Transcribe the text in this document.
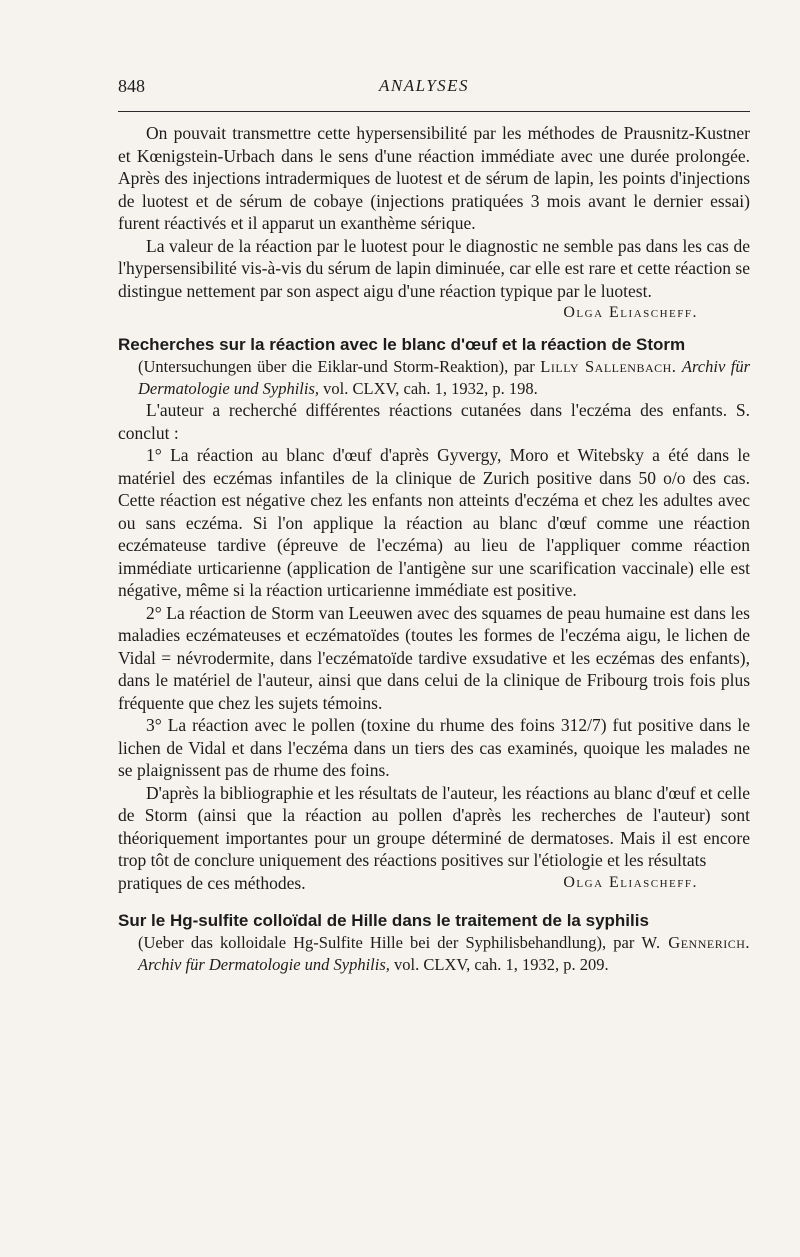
848	ANALYSES

On pouvait transmettre cette hypersensibilité par les méthodes de Prausnitz-Kustner et Kœnigstein-Urbach dans le sens d'une réaction immédiate avec une durée prolongée. Après des injections intradermiques de luotest et de sérum de lapin, les points d'injections de luotest et de sérum de cobaye (injections pratiquées 3 mois avant le dernier essai) furent réactivés et il apparut un exanthème sérique.

La valeur de la réaction par le luotest pour le diagnostic ne semble pas dans les cas de l'hypersensibilité vis-à-vis du sérum de lapin diminuée, car elle est rare et cette réaction se distingue nettement par son aspect aigu d'une réaction typique par le luotest.

Olga Eliascheff.
Recherches sur la réaction avec le blanc d'œuf et la réaction de Storm
(Untersuchungen über die Eiklar-und Storm-Reaktion), par Lilly Sallenbach. Archiv für Dermatologie und Syphilis, vol. CLXV, cah. 1, 1932, p. 198.

L'auteur a recherché différentes réactions cutanées dans l'eczéma des enfants. S. conclut :

1° La réaction au blanc d'œuf d'après Gyvergy, Moro et Witebsky a été dans le matériel des eczémas infantiles de la clinique de Zurich positive dans 50 o/o des cas. Cette réaction est négative chez les enfants non atteints d'eczéma et chez les adultes avec ou sans eczéma. Si l'on applique la réaction au blanc d'œuf comme une réaction eczémateuse tardive (épreuve de l'eczéma) au lieu de l'appliquer comme réaction immédiate urticarienne (application de l'antigène sur une scarification vaccinale) elle est négative, même si la réaction urticarienne immédiate est positive.

2° La réaction de Storm van Leeuwen avec des squames de peau humaine est dans les maladies eczémateuses et eczématoïdes (toutes les formes de l'eczéma aigu, le lichen de Vidal = névrodermite, dans l'eczématoïde tardive exsudative et les eczémas des enfants), dans le matériel de l'auteur, ainsi que dans celui de la clinique de Fribourg trois fois plus fréquente que chez les sujets témoins.

3° La réaction avec le pollen (toxine du rhume des foins 312/7) fut positive dans le lichen de Vidal et dans l'eczéma dans un tiers des cas examinés, quoique les malades ne se plaignissent pas de rhume des foins.

D'après la bibliographie et les résultats de l'auteur, les réactions au blanc d'œuf et celle de Storm (ainsi que la réaction au pollen d'après les recherches de l'auteur) sont théoriquement importantes pour un groupe déterminé de dermatoses. Mais il est encore trop tôt de conclure uniquement des réactions positives sur l'étiologie et les résultats

pratiques de ces méthodes.	Olga Eliascheff.
Sur le Hg-sulfite colloïdal de Hille dans le traitement de la syphilis
(Ueber das kolloidale Hg-Sulfite Hille bei der Syphilisbehandlung), par W. Gennerich. Archiv für Dermatologie und Syphilis, vol. CLXV, cah. 1, 1932, p. 209.
